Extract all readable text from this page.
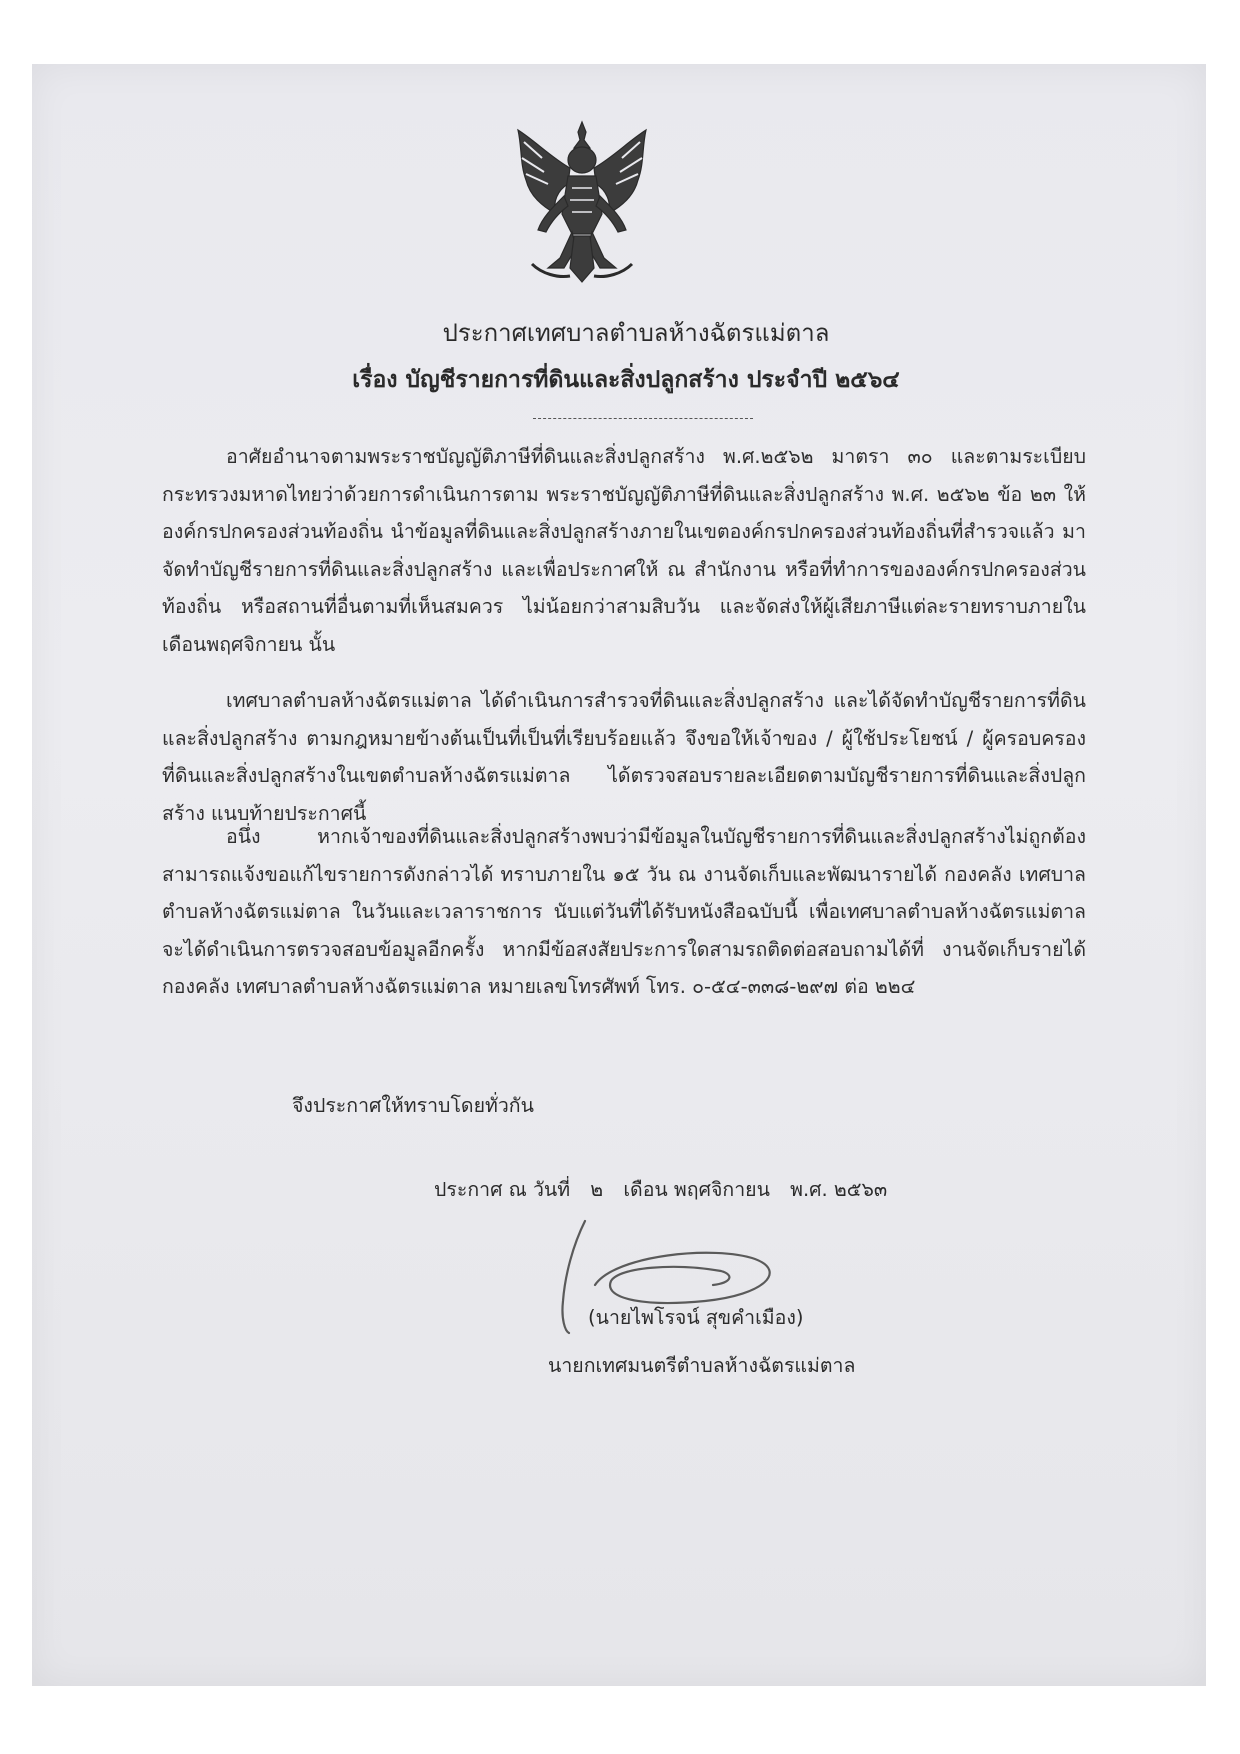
ประกาศเทศบาลตำบลห้างฉัตรแม่ตาล
เรื่อง บัญชีรายการที่ดินและสิ่งปลูกสร้าง ประจำปี ๒๕๖๔
อาศัยอำนาจตามพระราชบัญญัติภาษีที่ดินและสิ่งปลูกสร้าง พ.ศ.๒๕๖๒ มาตรา ๓๐ และตามระเบียบกระทรวงมหาดไทยว่าด้วยการดำเนินการตาม พระราชบัญญัติภาษีที่ดินและสิ่งปลูกสร้าง พ.ศ. ๒๕๖๒ ข้อ ๒๓ ให้องค์กรปกครองส่วนท้องถิ่น นำข้อมูลที่ดินและสิ่งปลูกสร้างภายในเขตองค์กรปกครองส่วนท้องถิ่นที่สำรวจแล้ว มาจัดทำบัญชีรายการที่ดินและสิ่งปลูกสร้าง และเพื่อประกาศให้ ณ สำนักงาน หรือที่ทำการขององค์กรปกครองส่วนท้องถิ่น หรือสถานที่อื่นตามที่เห็นสมควร ไม่น้อยกว่าสามสิบวัน และจัดส่งให้ผู้เสียภาษีแต่ละรายทราบภายในเดือนพฤศจิกายน นั้น
เทศบาลตำบลห้างฉัตรแม่ตาล ได้ดำเนินการสำรวจที่ดินและสิ่งปลูกสร้าง และได้จัดทำบัญชีรายการที่ดินและสิ่งปลูกสร้าง ตามกฎหมายข้างต้นเป็นที่เป็นที่เรียบร้อยแล้ว จึงขอให้เจ้าของ / ผู้ใช้ประโยชน์ / ผู้ครอบครอง ที่ดินและสิ่งปลูกสร้างในเขตตำบลห้างฉัตรแม่ตาล ได้ตรวจสอบรายละเอียดตามบัญชีรายการที่ดินและสิ่งปลูกสร้าง แนบท้ายประกาศนี้
อนึ่ง หากเจ้าของที่ดินและสิ่งปลูกสร้างพบว่ามีข้อมูลในบัญชีรายการที่ดินและสิ่งปลูกสร้างไม่ถูกต้อง สามารถแจ้งขอแก้ไขรายการดังกล่าวได้ ทราบภายใน ๑๕ วัน ณ งานจัดเก็บและพัฒนารายได้ กองคลัง เทศบาลตำบลห้างฉัตรแม่ตาล ในวันและเวลาราชการ นับแต่วันที่ได้รับหนังสือฉบับนี้ เพื่อเทศบาลตำบลห้างฉัตรแม่ตาล จะได้ดำเนินการตรวจสอบข้อมูลอีกครั้ง หากมีข้อสงสัยประการใดสามรถติดต่อสอบถามได้ที่ งานจัดเก็บรายได้ กองคลัง เทศบาลตำบลห้างฉัตรแม่ตาล หมายเลขโทรศัพท์ โทร. ๐-๕๔-๓๓๘-๒๙๗ ต่อ ๒๒๔
จึงประกาศให้ทราบโดยทั่วกัน
ประกาศ ณ วันที่ ๒ เดือน พฤศจิกายน พ.ศ. ๒๕๖๓
(นายไพโรจน์ สุขคำเมือง)
นายกเทศมนตรีตำบลห้างฉัตรแม่ตาล
